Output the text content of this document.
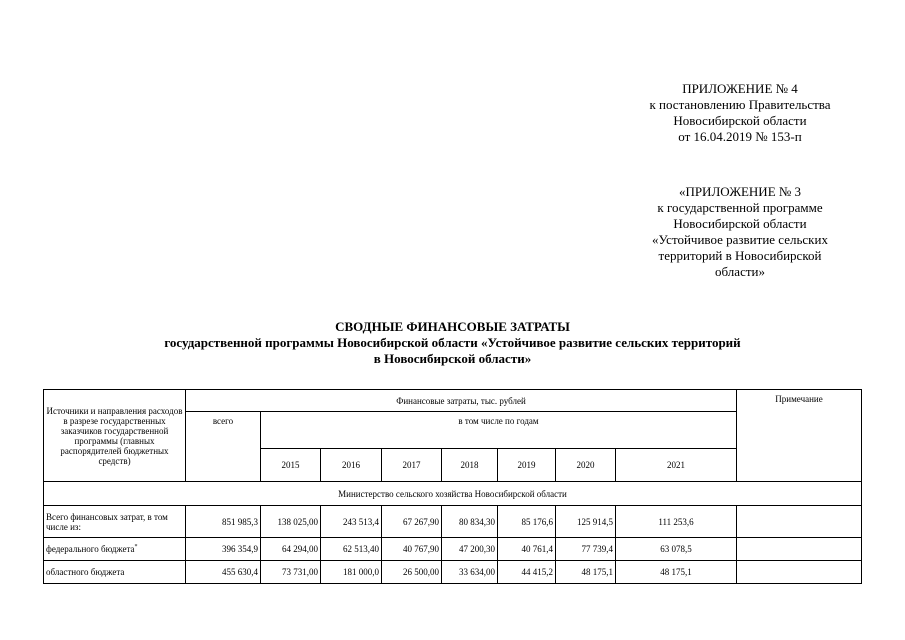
ПРИЛОЖЕНИЕ № 4
к постановлению Правительства
Новосибирской области
от 16.04.2019 № 153-п
«ПРИЛОЖЕНИЕ № 3
к государственной программе
Новосибирской области
«Устойчивое развитие сельских
территорий в Новосибирской
области»
СВОДНЫЕ ФИНАНСОВЫЕ ЗАТРАТЫ
государственной программы Новосибирской области «Устойчивое развитие сельских территорий
в Новосибирской области»
Источники и направления расходов в разрезе государственных заказчиков государственной программы (главных распорядителей бюджетных средств)	Финансовые затраты, тыс. рублей								Примечание
	всего	в том числе по годам							
		2015	2016	2017	2018	2019	2020	2021	
Министерство сельского хозяйства Новосибирской области									
Всего финансовых затрат, в том числе из:	851 985,3	138 025,00	243 513,4	67 267,90	80 834,30	85 176,6	125 914,5	111 253,6	
федерального бюджета*	396 354,9	64 294,00	62 513,40	40 767,90	47 200,30	40 761,4	77 739,4	63 078,5	
областного бюджета	455 630,4	73 731,00	181 000,0	26 500,00	33 634,00	44 415,2	48 175,1	48 175,1	
